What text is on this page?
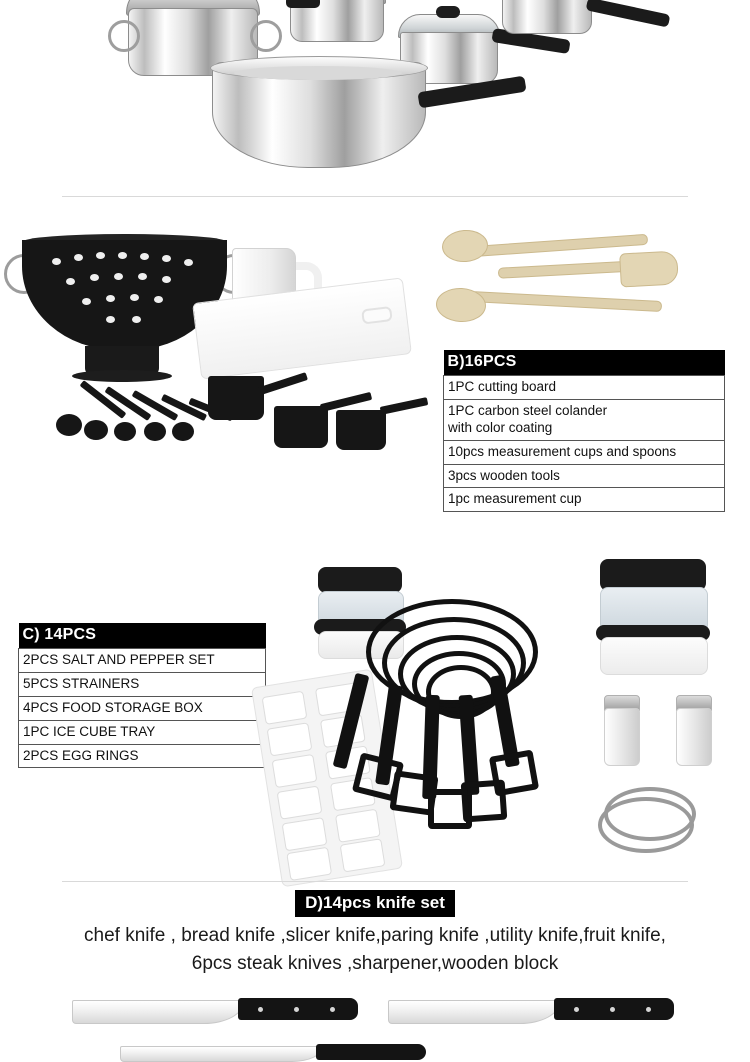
B)16PCS
1PC cutting board

1PC carbon steel colander
with color coating

10pcs measurement cups and spoons
3pcs wooden tools
1pc measurement cup
C) 14PCS
2PCS SALT AND PEPPER SET
5PCS STRAINERS
4PCS FOOD STORAGE BOX
1PC ICE CUBE TRAY
2PCS EGG RINGS
D)14pcs knife set
chef knife , bread knife ,slicer knife,paring knife ,utility knife,fruit knife,
6pcs steak knives ,sharpener,wooden block
